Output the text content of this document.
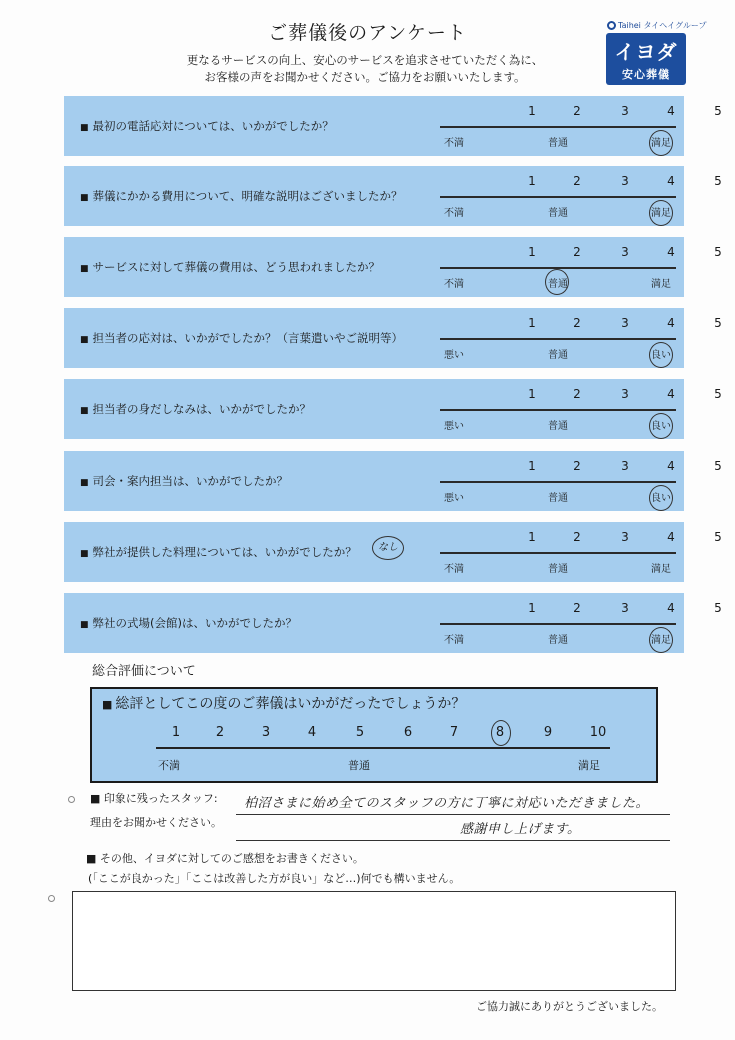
ご葬儀後のアンケート
更なるサービスの向上、安心のサービスを追求させていただく為に、
お客様の声をお聞かせください。ご協力をお願いいたします。
Taihei タイヘイグループ
イヨダ
安心葬儀
■ 最初の電話応対については、いかがでしたか？
1	2	3	4	5
不満	普通	満足
■ 葬儀にかかる費用について、明確な説明はございましたか？
1	2	3	4	5
不満	普通	満足
■ サービスに対して葬儀の費用は、どう思われましたか？
1	2	3	4	5
不満	普通	満足
■ 担当者の応対は、いかがでしたか？（言葉遣いやご説明等）
1	2	3	4	5
悪い	普通	良い
■ 担当者の身だしなみは、いかがでしたか？
1	2	3	4	5
悪い	普通	良い
■ 司会・案内担当は、いかがでしたか？
1	2	3	4	5
悪い	普通	良い
■ 弊社が提供した料理については、いかがでしたか？	なし
1	2	3	4	5
不満	普通	満足
■ 弊社の式場(会館)は、いかがでしたか？
1	2	3	4	5
不満	普通	満足
総合評価について
■ 総評としてこの度のご葬儀はいかがだったでしょうか？
1	2	3	4	5	6	7	8	9	10
不満	普通	満足
■ 印象に残ったスタッフ:
理由をお聞かせください。
柏沼さまに始め全てのスタッフの方に丁寧に対応いただきました。
感謝申し上げます。
■ その他、イヨダに対してのご感想をお書きください。
(「ここが良かった」「ここは改善した方が良い」など…)何でも構いません。
ご協力誠にありがとうございました。
